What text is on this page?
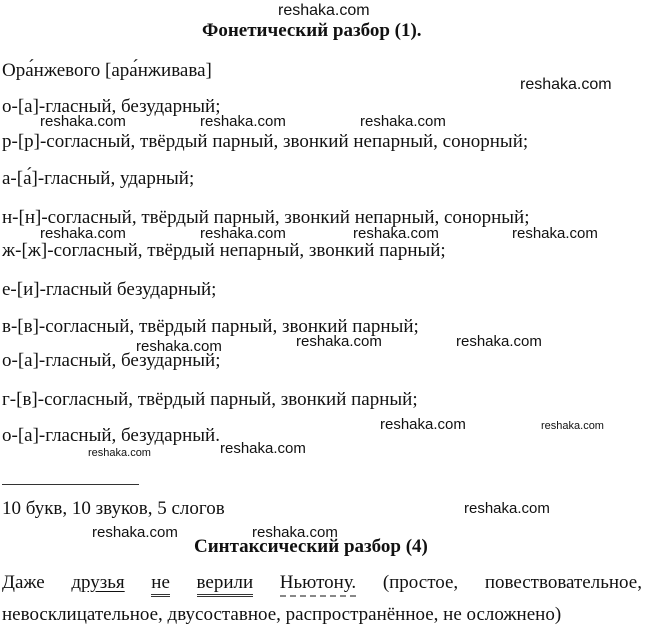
reshaka.com
reshaka.com
reshaka.com	reshaka.com	reshaka.com
reshaka.com	reshaka.com	reshaka.com	reshaka.com
reshaka.com	reshaka.com
reshaka.com
reshaka.com	reshaka.com
reshaka.com	reshaka.com
reshaka.com
reshaka.com	reshaka.com
Фонетический разбор (1).
Ора́нжевого [ара́нживава]
о-[а]-гласный, безударный;
р-[р]-согласный, твёрдый парный, звонкий непарный, сонорный;
а-[а́]-гласный, ударный;
н-[н]-согласный, твёрдый парный, звонкий непарный, сонорный;
ж-[ж]-согласный, твёрдый непарный, звонкий парный;
е-[и]-гласный безударный;
в-[в]-согласный, твёрдый парный, звонкий парный;
о-[а]-гласный, безударный;
г-[в]-согласный, твёрдый парный, звонкий парный;
о-[а]-гласный, безударный.
10 букв, 10 звуков, 5 слогов
Синтаксический разбор (4)
Даже друзья не верили Ньютону. (простое, повествовательное,
невосклицательное, двусоставное, распространённое, не осложнено)
